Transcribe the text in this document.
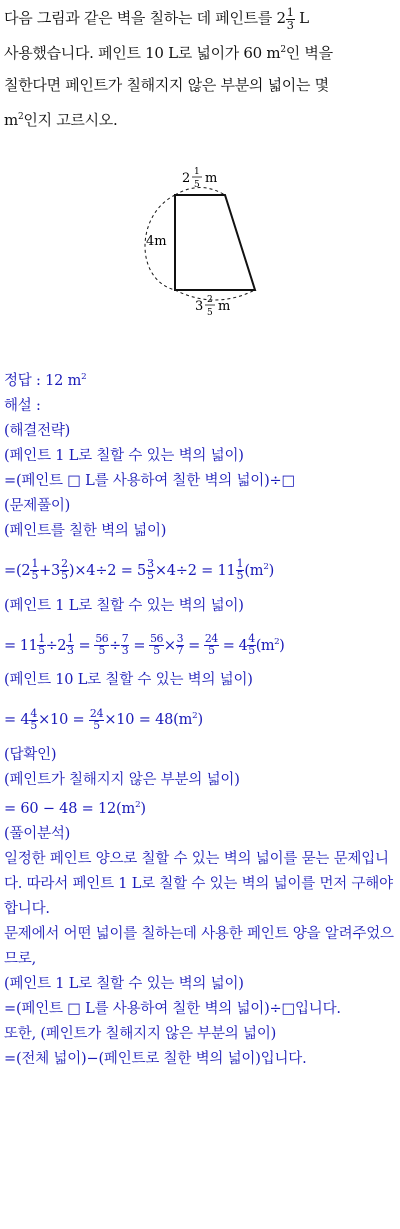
다음 그림과 같은 벽을 칠하는 데 페인트를 $2 \frac{1}{3}$ L

사용했습니다. 페인트 10 L로 넓이가 60 $m^2$인 벽을

칠한다면 페인트가 칠해지지 않은 부분의 넓이는 몇

$m^2$인지 고르시오.

2 1
5 m
4m
3 2
5 m

정답 : 12 $m^2$

해설 :

(해결전략)

(페인트 1 L로 칠할 수 있는 벽의 넓이)

=(페인트 □ L를 사용하여 칠한 벽의 넓이)÷□

(문제풀이)

(페인트를 칠한 벽의 넓이)

$=(2 \frac{1}{5} +3 \frac{2}{5} )\times 4\div 2 = 5 \frac{3}{5} \times 4\div 2 = 11 \frac{1}{5} (m^2)$

(페인트 1 L로 칠할 수 있는 벽의 넓이)

= $11 \frac{1}{5} \div 2 \frac{1}{3} = \frac{56}{5} \div \frac{7}{3} = \frac{56}{5} \times \frac{3}{7} = \frac{24}{5} = 4 \frac{4}{5} (m^2)$

(페인트 10 L로 칠할 수 있는 벽의 넓이)

= $4 \frac{4}{5} \times 10 = \frac{24}{5} \times 10 = 48(m^2)$

(답확인)

(페인트가 칠해지지 않은 부분의 넓이)

= $60 - 48 = 12(m^2)$

(풀이분석)

일정한 페인트 양으로 칠할 수 있는 벽의 넓이를 묻는 문제입니다. 따라서 페인트 1 L로 칠할 수 있는 벽의 넓이를 먼저 구해야 합니다.

문제에서 어떤 넓이를 칠하는데 사용한 페인트 양을 알려주었으므로,

(페인트 1 L로 칠할 수 있는 벽의 넓이)

=(페인트 □ L를 사용하여 칠한 벽의 넓이)÷□입니다.

또한, (페인트가 칠해지지 않은 부분의 넓이)

=(전체 넓이)−(페인트로 칠한 벽의 넓이)입니다.
